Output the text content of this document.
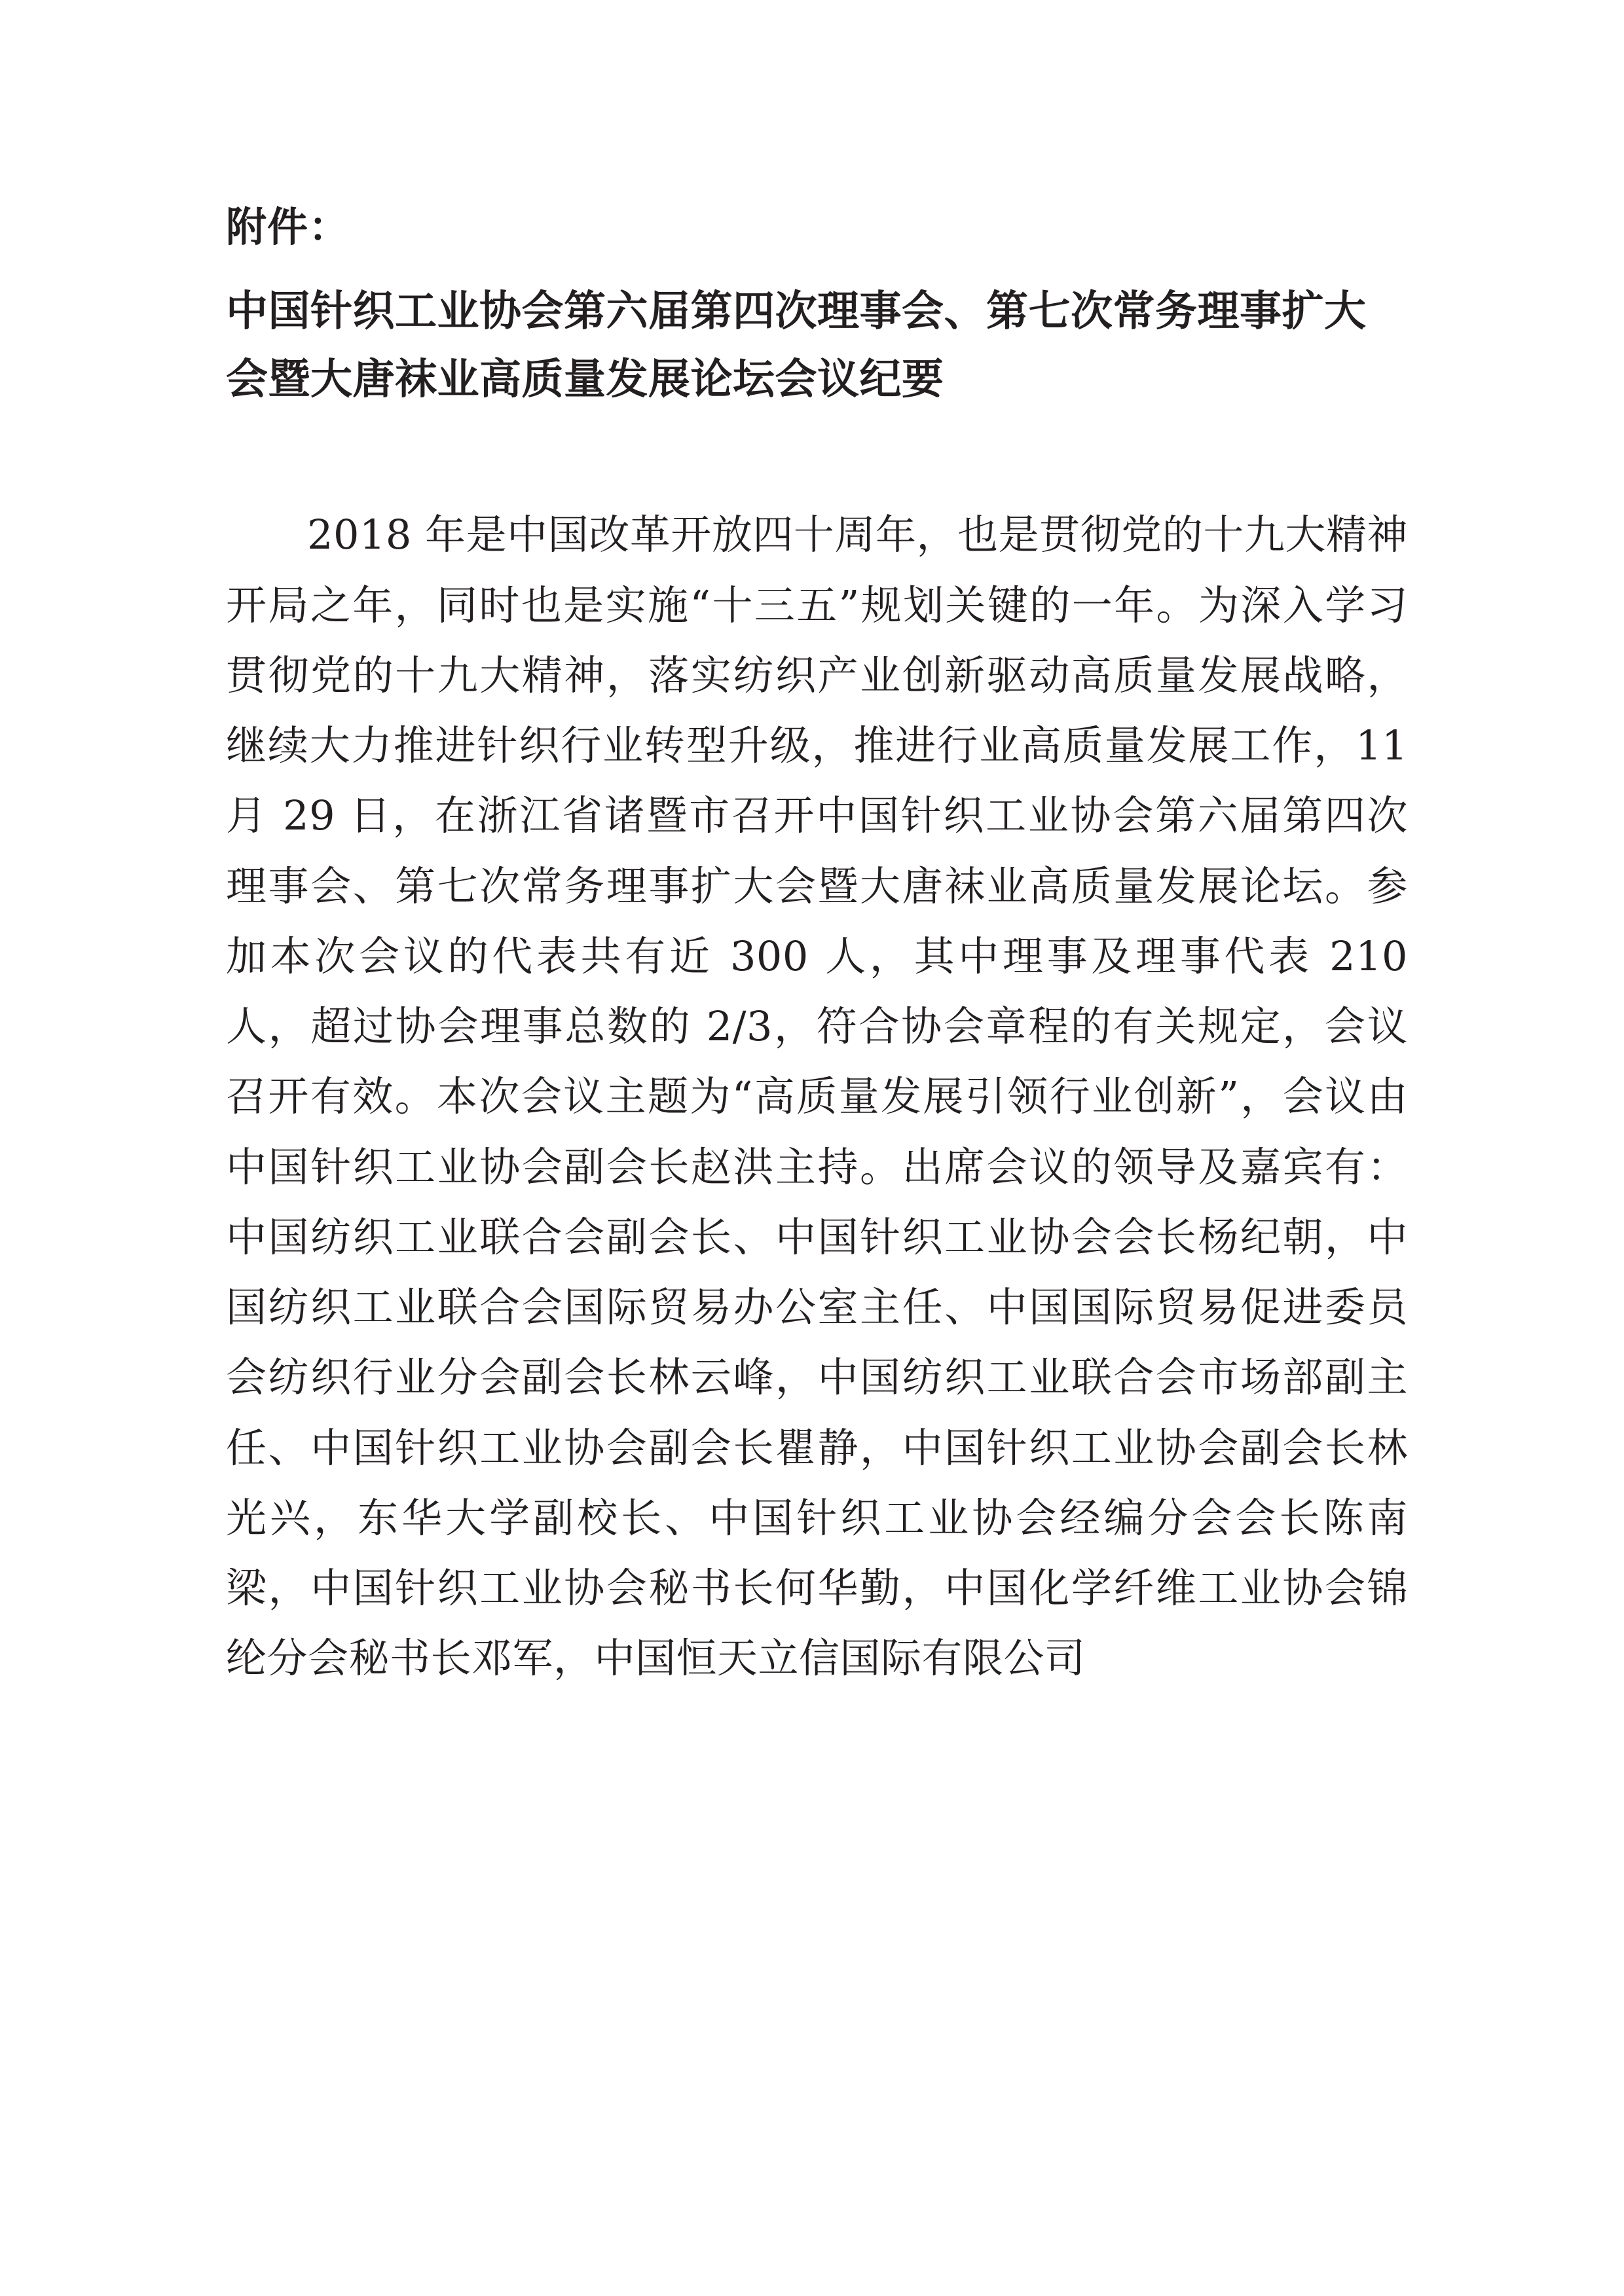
附件：

中国针织工业协会第六届第四次理事会、第七次常务理事扩大会暨大唐袜业高质量发展论坛会议纪要

2018 年是中国改革开放四十周年，也是贯彻党的十九大精神开局之年，同时也是实施“十三五”规划关键的一年。为深入学习贯彻党的十九大精神，落实纺织产业创新驱动高质量发展战略，继续大力推进针织行业转型升级，推进行业高质量发展工作，11 月 29 日，在浙江省诸暨市召开中国针织工业协会第六届第四次理事会、第七次常务理事扩大会暨大唐袜业高质量发展论坛。参加本次会议的代表共有近 300 人，其中理事及理事代表 210 人，超过协会理事总数的 2/3，符合协会章程的有关规定，会议召开有效。本次会议主题为“高质量发展引领行业创新”，会议由中国针织工业协会副会长赵洪主持。出席会议的领导及嘉宾有：中国纺织工业联合会副会长、中国针织工业协会会长杨纪朝，中国纺织工业联合会国际贸易办公室主任、中国国际贸易促进委员会纺织行业分会副会长林云峰，中国纺织工业联合会市场部副主任、中国针织工业协会副会长瞿静，中国针织工业协会副会长林光兴，东华大学副校长、中国针织工业协会经编分会会长陈南梁，中国针织工业协会秘书长何华勤，中国化学纤维工业协会锦纶分会秘书长邓军，中国恒天立信国际有限公司
